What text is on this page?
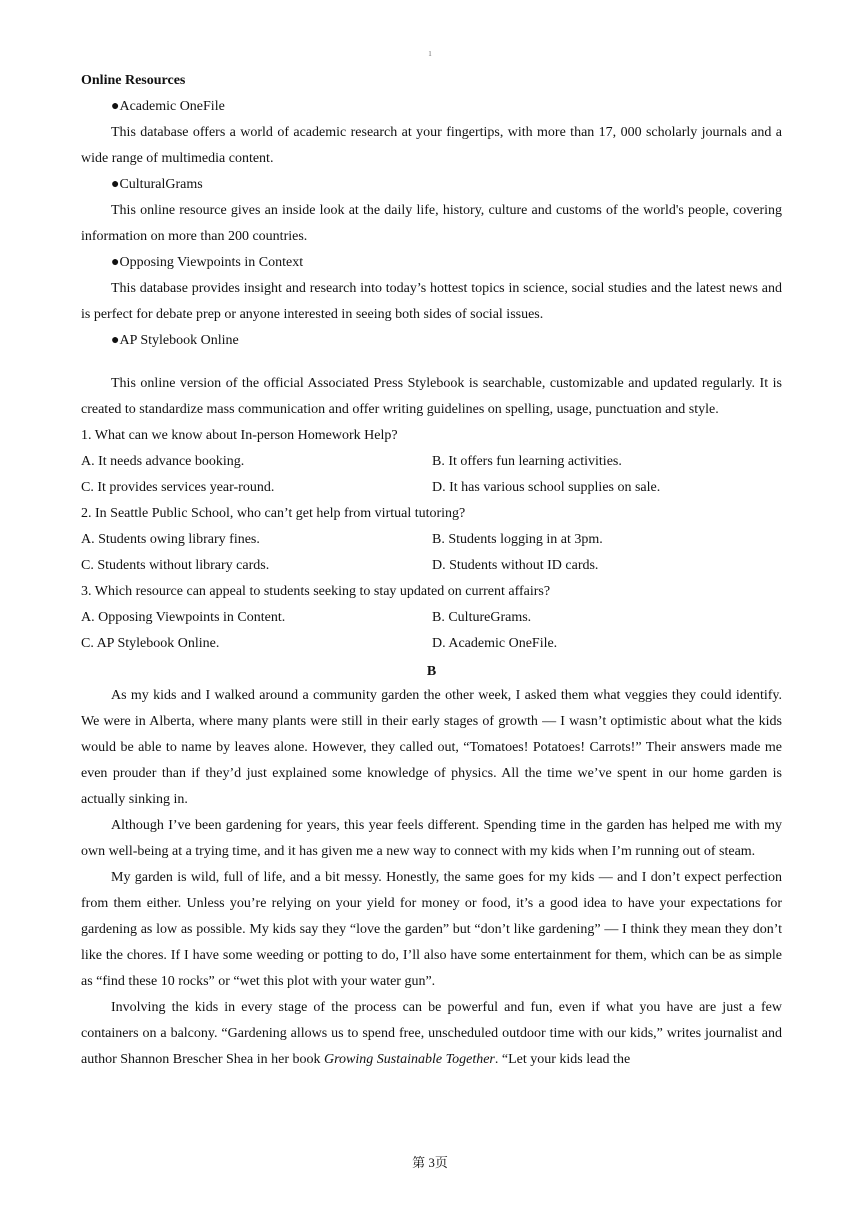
1

Online Resources

●Academic OneFile

This database offers a world of academic research at your fingertips, with more than 17, 000 scholarly journals and a wide range of multimedia content.

●CulturalGrams

This online resource gives an inside look at the daily life, history, culture and customs of the world's people, covering information on more than 200 countries.

●Opposing Viewpoints in Context

This database provides insight and research into today’s hottest topics in science, social studies and the latest news and is perfect for debate prep or anyone interested in seeing both sides of social issues.

●AP Stylebook Online

This online version of the official Associated Press Stylebook is searchable, customizable and updated regularly. It is created to standardize mass communication and offer writing guidelines on spelling, usage, punctuation and style.

1. What can we know about In-person Homework Help?

A. It needs advance booking.	B. It offers fun learning activities.
C. It provides services year-round.	D. It has various school supplies on sale.

2. In Seattle Public School, who can’t get help from virtual tutoring?

A. Students owing library fines.	B. Students logging in at 3pm.
C. Students without library cards.	D. Students without ID cards.

3. Which resource can appeal to students seeking to stay updated on current affairs?

A. Opposing Viewpoints in Content.	B. CultureGrams.
C. AP Stylebook Online.	D. Academic OneFile.

B

As my kids and I walked around a community garden the other week, I asked them what veggies they could identify. We were in Alberta, where many plants were still in their early stages of growth — I wasn’t optimistic about what the kids would be able to name by leaves alone. However, they called out, “Tomatoes! Potatoes! Carrots!” Their answers made me even prouder than if they’d just explained some knowledge of physics. All the time we’ve spent in our home garden is actually sinking in.

Although I’ve been gardening for years, this year feels different. Spending time in the garden has helped me with my own well-being at a trying time, and it has given me a new way to connect with my kids when I’m running out of steam.

My garden is wild, full of life, and a bit messy. Honestly, the same goes for my kids — and I don’t expect perfection from them either. Unless you’re relying on your yield for money or food, it’s a good idea to have your expectations for gardening as low as possible. My kids say they “love the garden” but “don’t like gardening” — I think they mean they don’t like the chores. If I have some weeding or potting to do, I’ll also have some entertainment for them, which can be as simple as “find these 10 rocks” or “wet this plot with your water gun”.

Involving the kids in every stage of the process can be powerful and fun, even if what you have are just a few containers on a balcony. “Gardening allows us to spend free, unscheduled outdoor time with our kids,” writes journalist and author Shannon Brescher Shea in her book Growing Sustainable Together. “Let your kids lead the

第 3页
